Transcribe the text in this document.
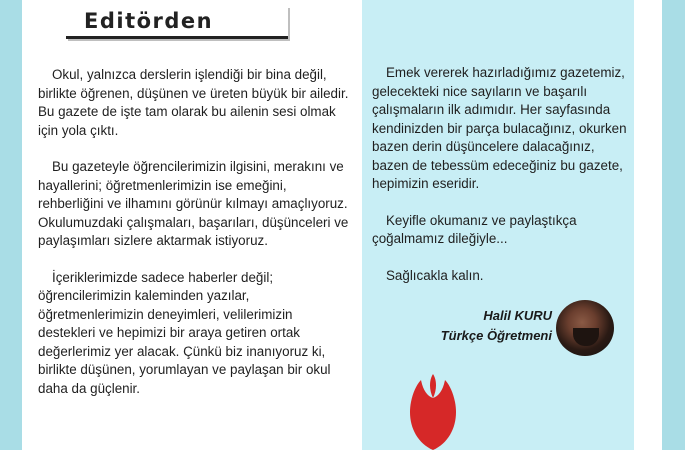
Editörden

Okul, yalnızca derslerin işlendiği bir bina değil, birlikte öğrenen, düşünen ve üreten büyük bir ailedir. Bu gazete de işte tam olarak bu ailenin sesi olmak için yola çıktı.

Bu gazeteyle öğrencilerimizin ilgisini, merakını ve hayallerini; öğretmenlerimizin ise emeğini, rehberliğini ve ilhamını görünür kılmayı amaçlıyoruz. Okulumuzdaki çalışmaları, başarıları, düşünceleri ve paylaşımları sizlere aktarmak istiyoruz.

İçeriklerimizde sadece haberler değil; öğrencilerimizin kaleminden yazılar, öğretmenlerimizin deneyimleri, velilerimizin destekleri ve hepimizi bir araya getiren ortak değerlerimiz yer alacak. Çünkü biz inanıyoruz ki, birlikte düşünen, yorumlayan ve paylaşan bir okul daha da güçlenir.

Emek vererek hazırladığımız gazetemiz, gelecekteki nice sayıların ve başarılı çalışmaların ilk adımıdır. Her sayfasında kendinizden bir parça bulacağınız, okurken bazen derin düşüncelere dalacağınız, bazen de tebessüm edeceğiniz bu gazete, hepimizin eseridir.

Keyifle okumanız ve paylaştıkça çoğalmamız dileğiyle...

Sağlıcakla kalın.

Halil KURU
Türkçe Öğretmeni
